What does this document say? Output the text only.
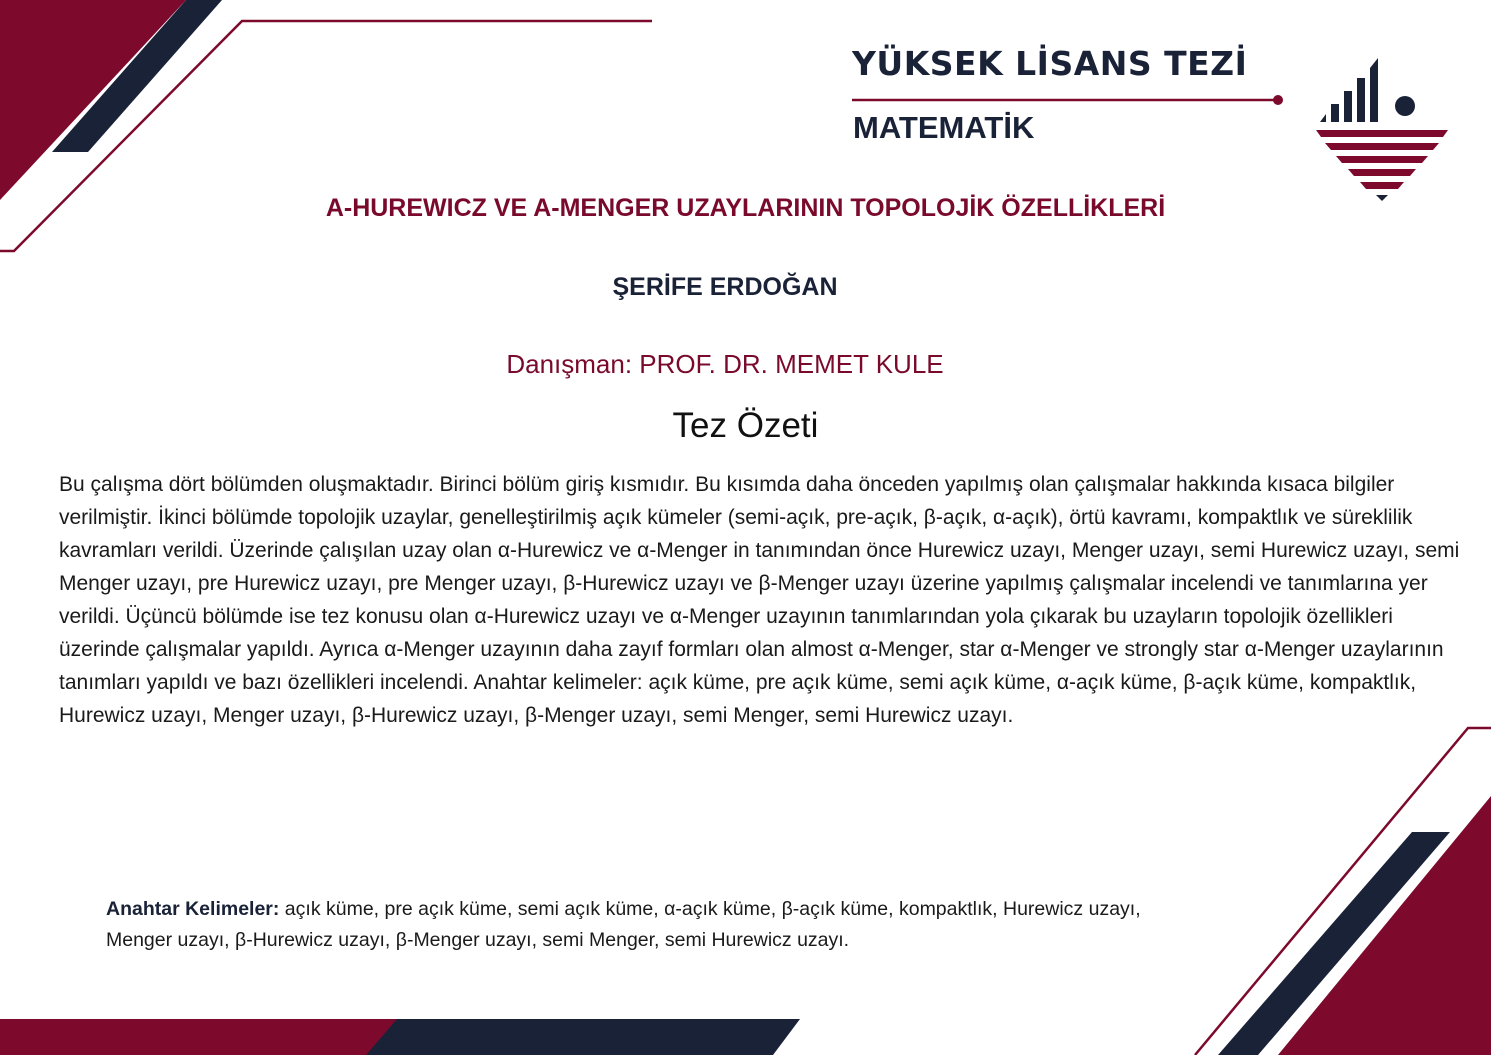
YÜKSEK LİSANS TEZİ
MATEMATİK
A-HUREWICZ VE A-MENGER UZAYLARININ TOPOLOJİK ÖZELLİKLERİ
ŞERİFE ERDOĞAN
Danışman: PROF. DR. MEMET KULE
Tez Özeti
Bu çalışma dört bölümden oluşmaktadır. Birinci bölüm giriş kısmıdır. Bu kısımda daha önceden yapılmış olan çalışmalar hakkında kısaca bilgiler verilmiştir. İkinci bölümde topolojik uzaylar, genelleştirilmiş açık kümeler (semi-açık, pre-açık, β-açık, α-açık), örtü kavramı, kompaktlık ve süreklilik kavramları verildi. Üzerinde çalışılan uzay olan α-Hurewicz ve α-Menger in tanımından önce Hurewicz uzayı, Menger uzayı, semi Hurewicz uzayı, semi Menger uzayı, pre Hurewicz uzayı, pre Menger uzayı, β-Hurewicz uzayı ve β-Menger uzayı üzerine yapılmış çalışmalar incelendi ve tanımlarına yer verildi. Üçüncü bölümde ise tez konusu olan α-Hurewicz uzayı ve α-Menger uzayının tanımlarından yola çıkarak bu uzayların topolojik özellikleri üzerinde çalışmalar yapıldı. Ayrıca α-Menger uzayının daha zayıf formları olan almost α-Menger, star α-Menger ve strongly star α-Menger uzaylarının tanımları yapıldı ve bazı özellikleri incelendi. Anahtar kelimeler: açık küme, pre açık küme, semi açık küme, α-açık küme, β-açık küme, kompaktlık, Hurewicz uzayı, Menger uzayı, β-Hurewicz uzayı, β-Menger uzayı, semi Menger, semi Hurewicz uzayı.
Anahtar Kelimeler: açık küme, pre açık küme, semi açık küme, α-açık küme, β-açık küme, kompaktlık, Hurewicz uzayı, Menger uzayı, β-Hurewicz uzayı, β-Menger uzayı, semi Menger, semi Hurewicz uzayı.
